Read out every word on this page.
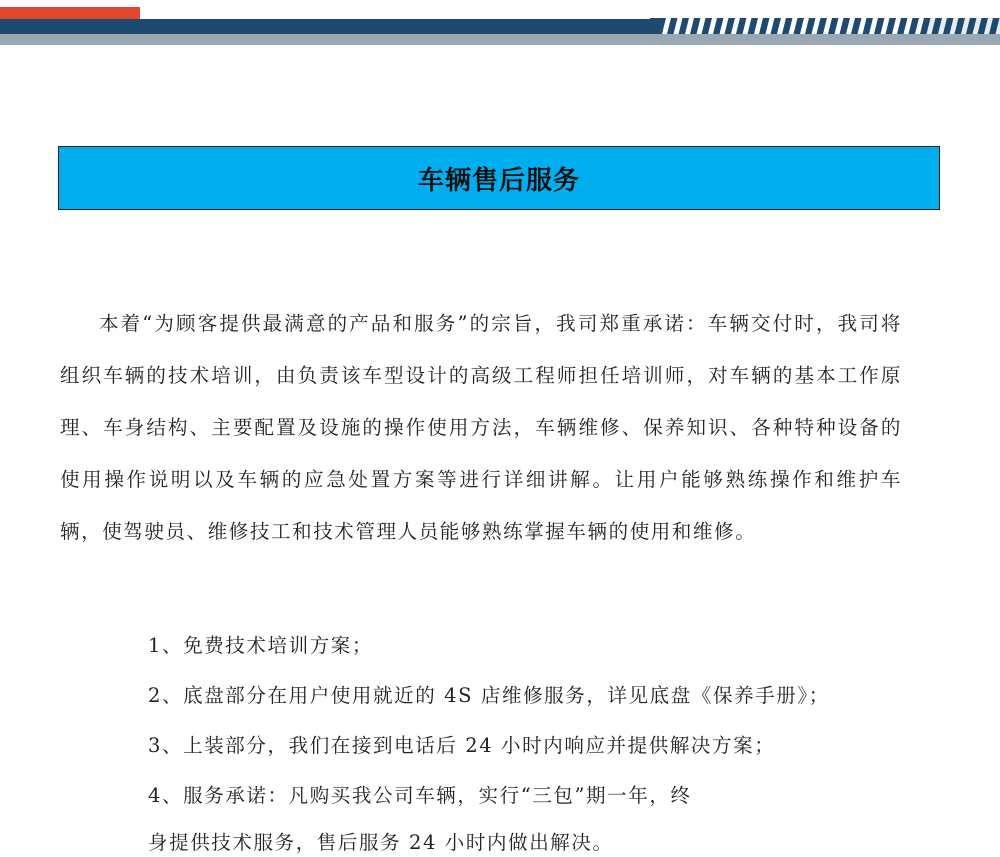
车辆售后服务
本着“为顾客提供最满意的产品和服务”的宗旨，我司郑重承诺：车辆交付时，我司将组织车辆的技术培训，由负责该车型设计的高级工程师担任培训师，对车辆的基本工作原理、车身结构、主要配置及设施的操作使用方法，车辆维修、保养知识、各种特种设备的使用操作说明以及车辆的应急处置方案等进行详细讲解。让用户能够熟练操作和维护车辆，使驾驶员、维修技工和技术管理人员能够熟练掌握车辆的使用和维修。
1、免费技术培训方案；
2、底盘部分在用户使用就近的 4S 店维修服务，详见底盘《保养手册》；
3、上装部分，我们在接到电话后 24 小时内响应并提供解决方案；
4、服务承诺：凡购买我公司车辆，实行“三包”期一年，终
身提供技术服务，售后服务 24 小时内做出解决。
